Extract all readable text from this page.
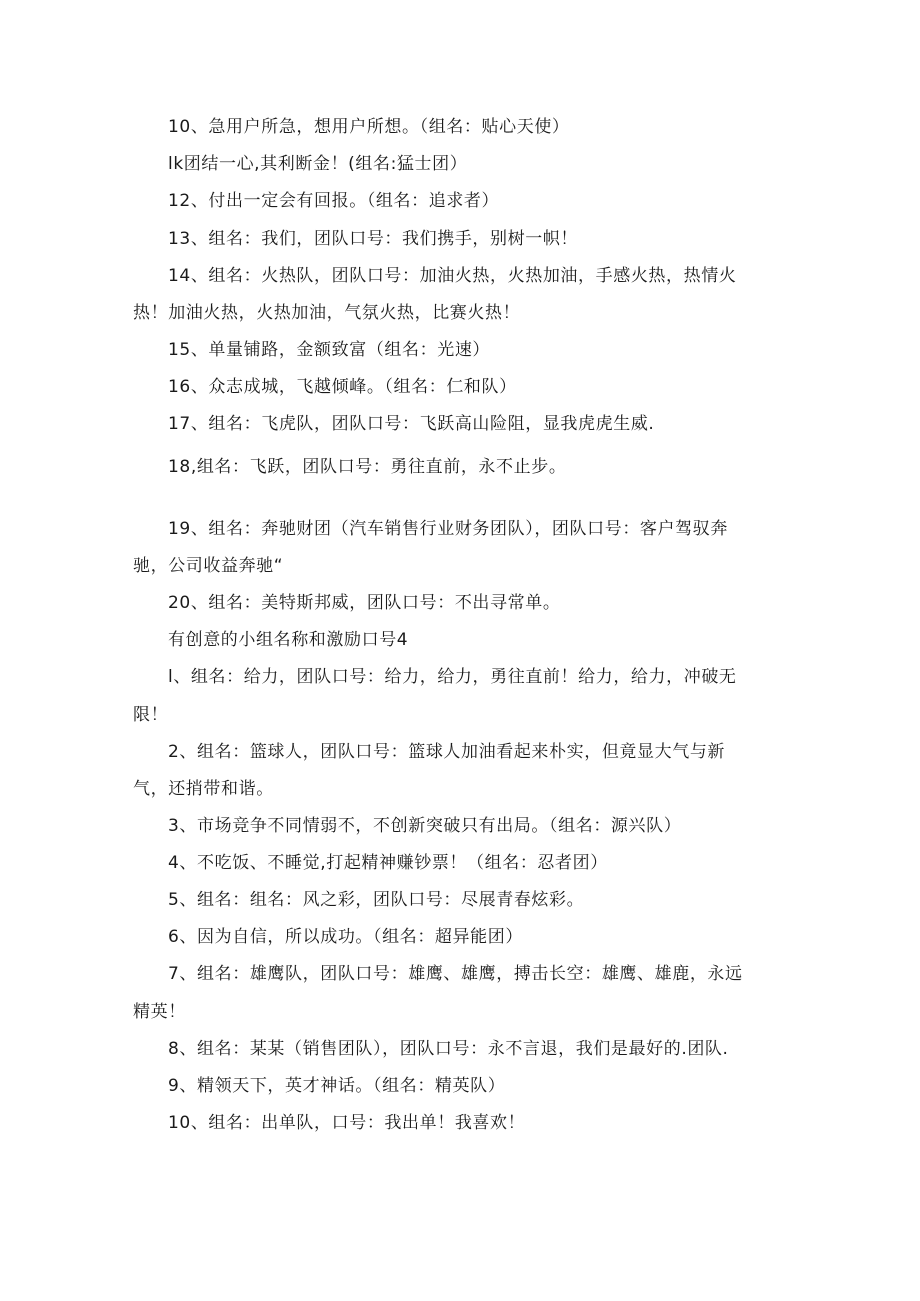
10、急用户所急，想用户所想。（组名：贴心天使）
lk团结一心,其利断金！(组名:猛士团）
12、付出一定会有回报。（组名：追求者）
13、组名：我们，团队口号：我们携手，别树一帜！
14、组名：火热队，团队口号：加油火热，火热加油，手感火热，热情火
热！加油火热，火热加油，气氛火热，比赛火热！
15、单量铺路，金额致富（组名：光速）
16、众志成城，飞越倾峰。（组名：仁和队）
17、组名：飞虎队，团队口号：飞跃高山险阻，显我虎虎生威.
18,组名：飞跃，团队口号：勇往直前，永不止步。
19、组名：奔驰财团（汽车销售行业财务团队），团队口号：客户驾驭奔
驰，公司收益奔驰“
20、组名：美特斯邦威，团队口号：不出寻常单。
有创意的小组名称和激励口号4
l、组名：给力，团队口号：给力，给力，勇往直前！给力，给力，冲破无
限！
2、组名：篮球人，团队口号：篮球人加油看起来朴实，但竟显大气与新
气，还捎带和谐。
3、市场竞争不同情弱不，不创新突破只有出局。（组名：源兴队）
4、不吃饭、不睡觉,打起精神赚钞票！（组名：忍者团）
5、组名：组名：风之彩，团队口号：尽展青春炫彩。
6、因为自信，所以成功。（组名：超异能团）
7、组名：雄鹰队，团队口号：雄鹰、雄鹰，搏击长空：雄鹰、雄鹿，永远
精英！
8、组名：某某（销售团队），团队口号：永不言退，我们是最好的.团队.
9、精领天下，英才神话。（组名：精英队）
10、组名：出单队，口号：我出单！我喜欢！
